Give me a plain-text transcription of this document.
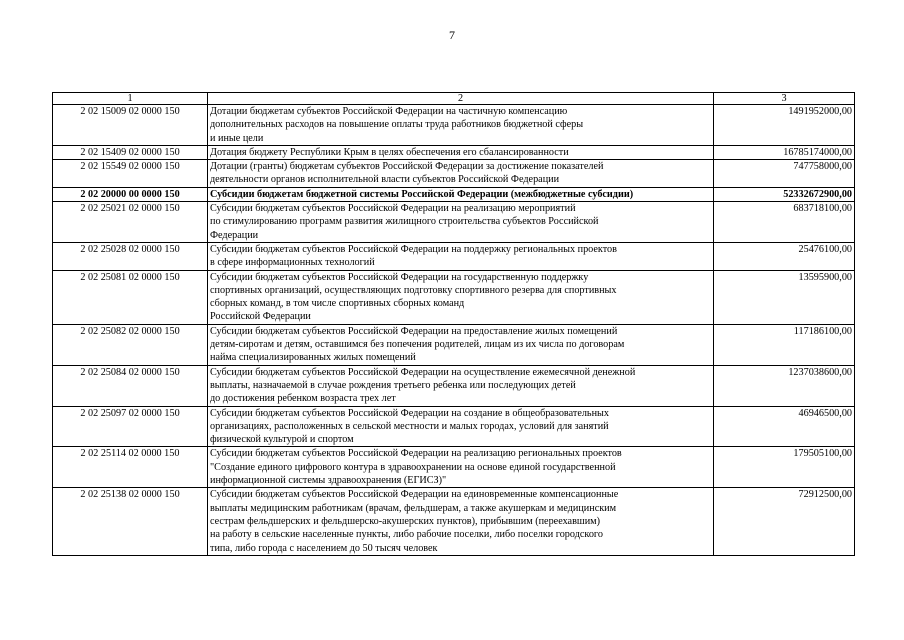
7
1	2	3
2 02 15009 02 0000 150	Дотации бюджетам субъектов Российской Федерации на частичную компенсацию
дополнительных расходов на повышение оплаты труда работников бюджетной сферы
и иные цели	1491952000,00
2 02 15409 02 0000 150	Дотация бюджету Республики Крым в целях обеспечения его сбалансированности	16785174000,00
2 02 15549 02 0000 150	Дотации (гранты) бюджетам субъектов Российской Федерации за достижение показателей
деятельности органов исполнительной власти субъектов Российской Федерации	747758000,00
2 02 20000 00 0000 150	Субсидии бюджетам бюджетной системы Российской Федерации (межбюджетные субсидии)	52332672900,00
2 02 25021 02 0000 150	Субсидии бюджетам субъектов Российской Федерации на реализацию мероприятий
по стимулированию программ развития жилищного строительства субъектов Российской
Федерации	683718100,00
2 02 25028 02 0000 150	Субсидии бюджетам субъектов Российской Федерации на поддержку региональных проектов
в сфере информационных технологий	25476100,00
2 02 25081 02 0000 150	Субсидии бюджетам субъектов Российской Федерации на государственную поддержку
спортивных организаций, осуществляющих подготовку спортивного резерва для спортивных
сборных команд, в том числе спортивных сборных команд
Российской Федерации	13595900,00
2 02 25082 02 0000 150	Субсидии бюджетам субъектов Российской Федерации на предоставление жилых помещений
детям-сиротам и детям, оставшимся без попечения родителей, лицам из их числа по договорам
найма специализированных жилых помещений	117186100,00
2 02 25084 02 0000 150	Субсидии бюджетам субъектов Российской Федерации на осуществление ежемесячной денежной
выплаты, назначаемой в случае рождения третьего ребенка или последующих детей
до достижения ребенком возраста трех лет	1237038600,00
2 02 25097 02 0000 150	Субсидии бюджетам субъектов Российской Федерации на создание в общеобразовательных
организациях, расположенных в сельской местности и малых городах, условий для занятий
физической культурой и спортом	46946500,00
2 02 25114 02 0000 150	Субсидии бюджетам субъектов Российской Федерации на реализацию региональных проектов
"Создание единого цифрового контура в здравоохранении на основе единой государственной
информационной системы здравоохранения (ЕГИСЗ)"	179505100,00
2 02 25138 02 0000 150	Субсидии бюджетам субъектов Российской Федерации на единовременные компенсационные
выплаты медицинским работникам (врачам, фельдшерам, а также акушеркам и медицинским
сестрам фельдшерских и фельдшерско-акушерских пунктов), прибывшим (переехавшим)
на работу в сельские населенные пункты, либо рабочие поселки, либо поселки городского
типа, либо города с населением до 50 тысяч человек	72912500,00
